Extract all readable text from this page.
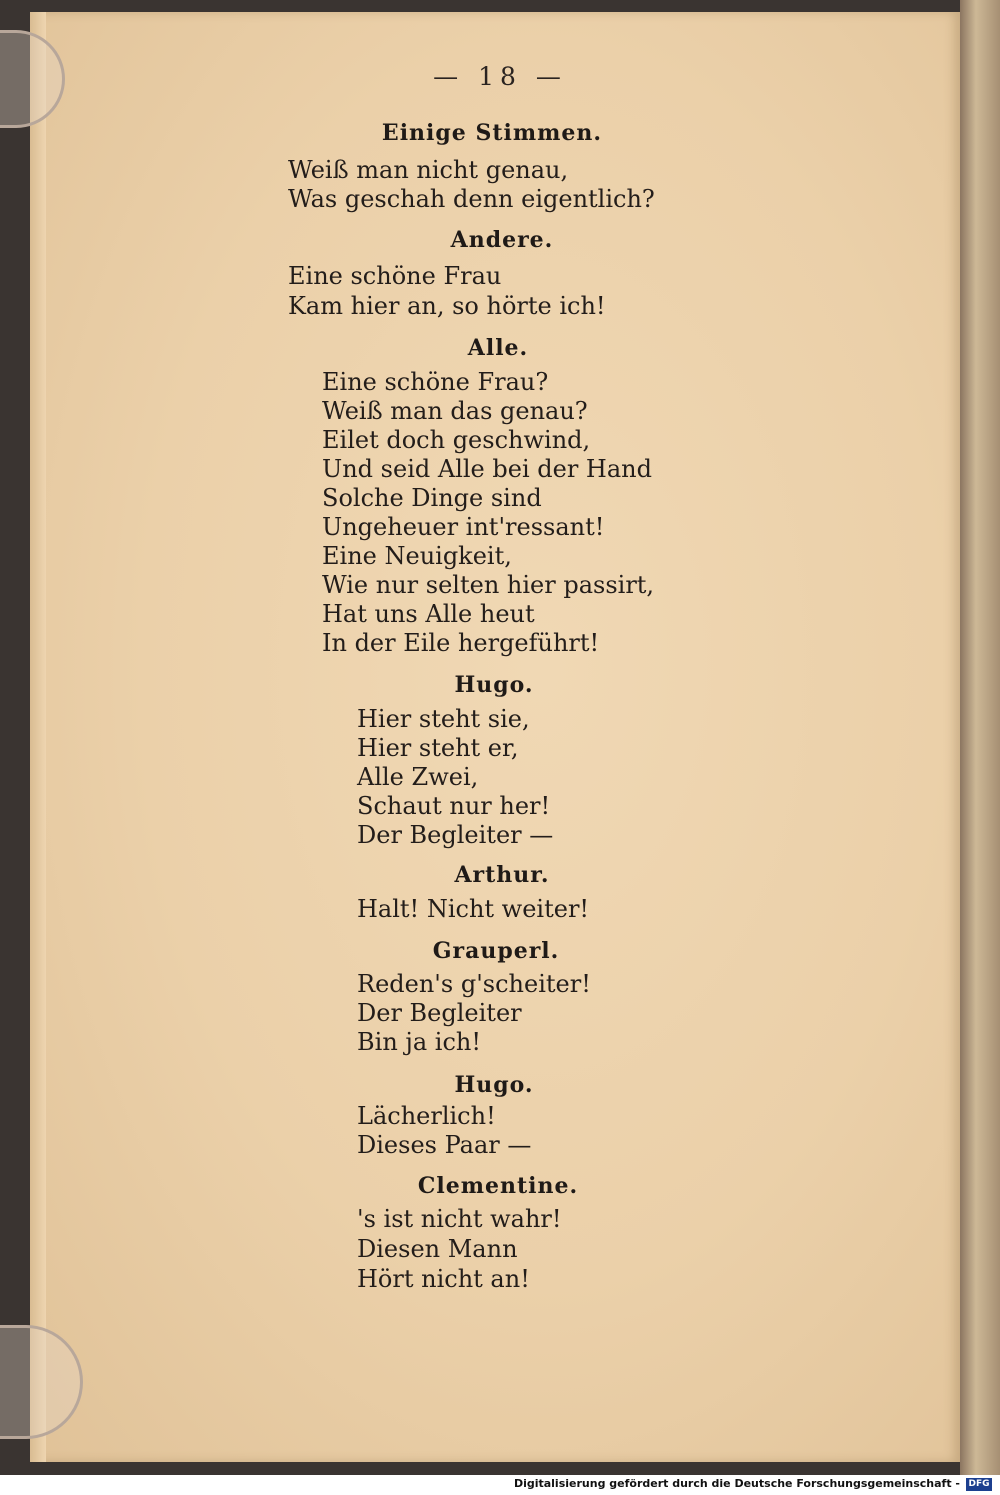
— 18 —
Einige Stimmen.
Weiß man nicht genau,
Was geschah denn eigentlich?
Andere.
Eine schöne Frau
Kam hier an, so hörte ich!
Alle.
Eine schöne Frau?
Weiß man das genau?
Eilet doch geschwind,
Und seid Alle bei der Hand
Solche Dinge sind
Ungeheuer int'ressant!
Eine Neuigkeit,
Wie nur selten hier passirt,
Hat uns Alle heut
In der Eile hergeführt!
Hugo.
Hier steht sie,
Hier steht er,
Alle Zwei,
Schaut nur her!
Der Begleiter —
Arthur.
Halt! Nicht weiter!
Grauperl.
Reden's g'scheiter!
Der Begleiter
Bin ja ich!
Hugo.
Lächerlich!
Dieses Paar —
Clementine.
's ist nicht wahr!
Diesen Mann
Hört nicht an!
Digitalisierung gefördert durch die Deutsche Forschungsgemeinschaft - DFG
